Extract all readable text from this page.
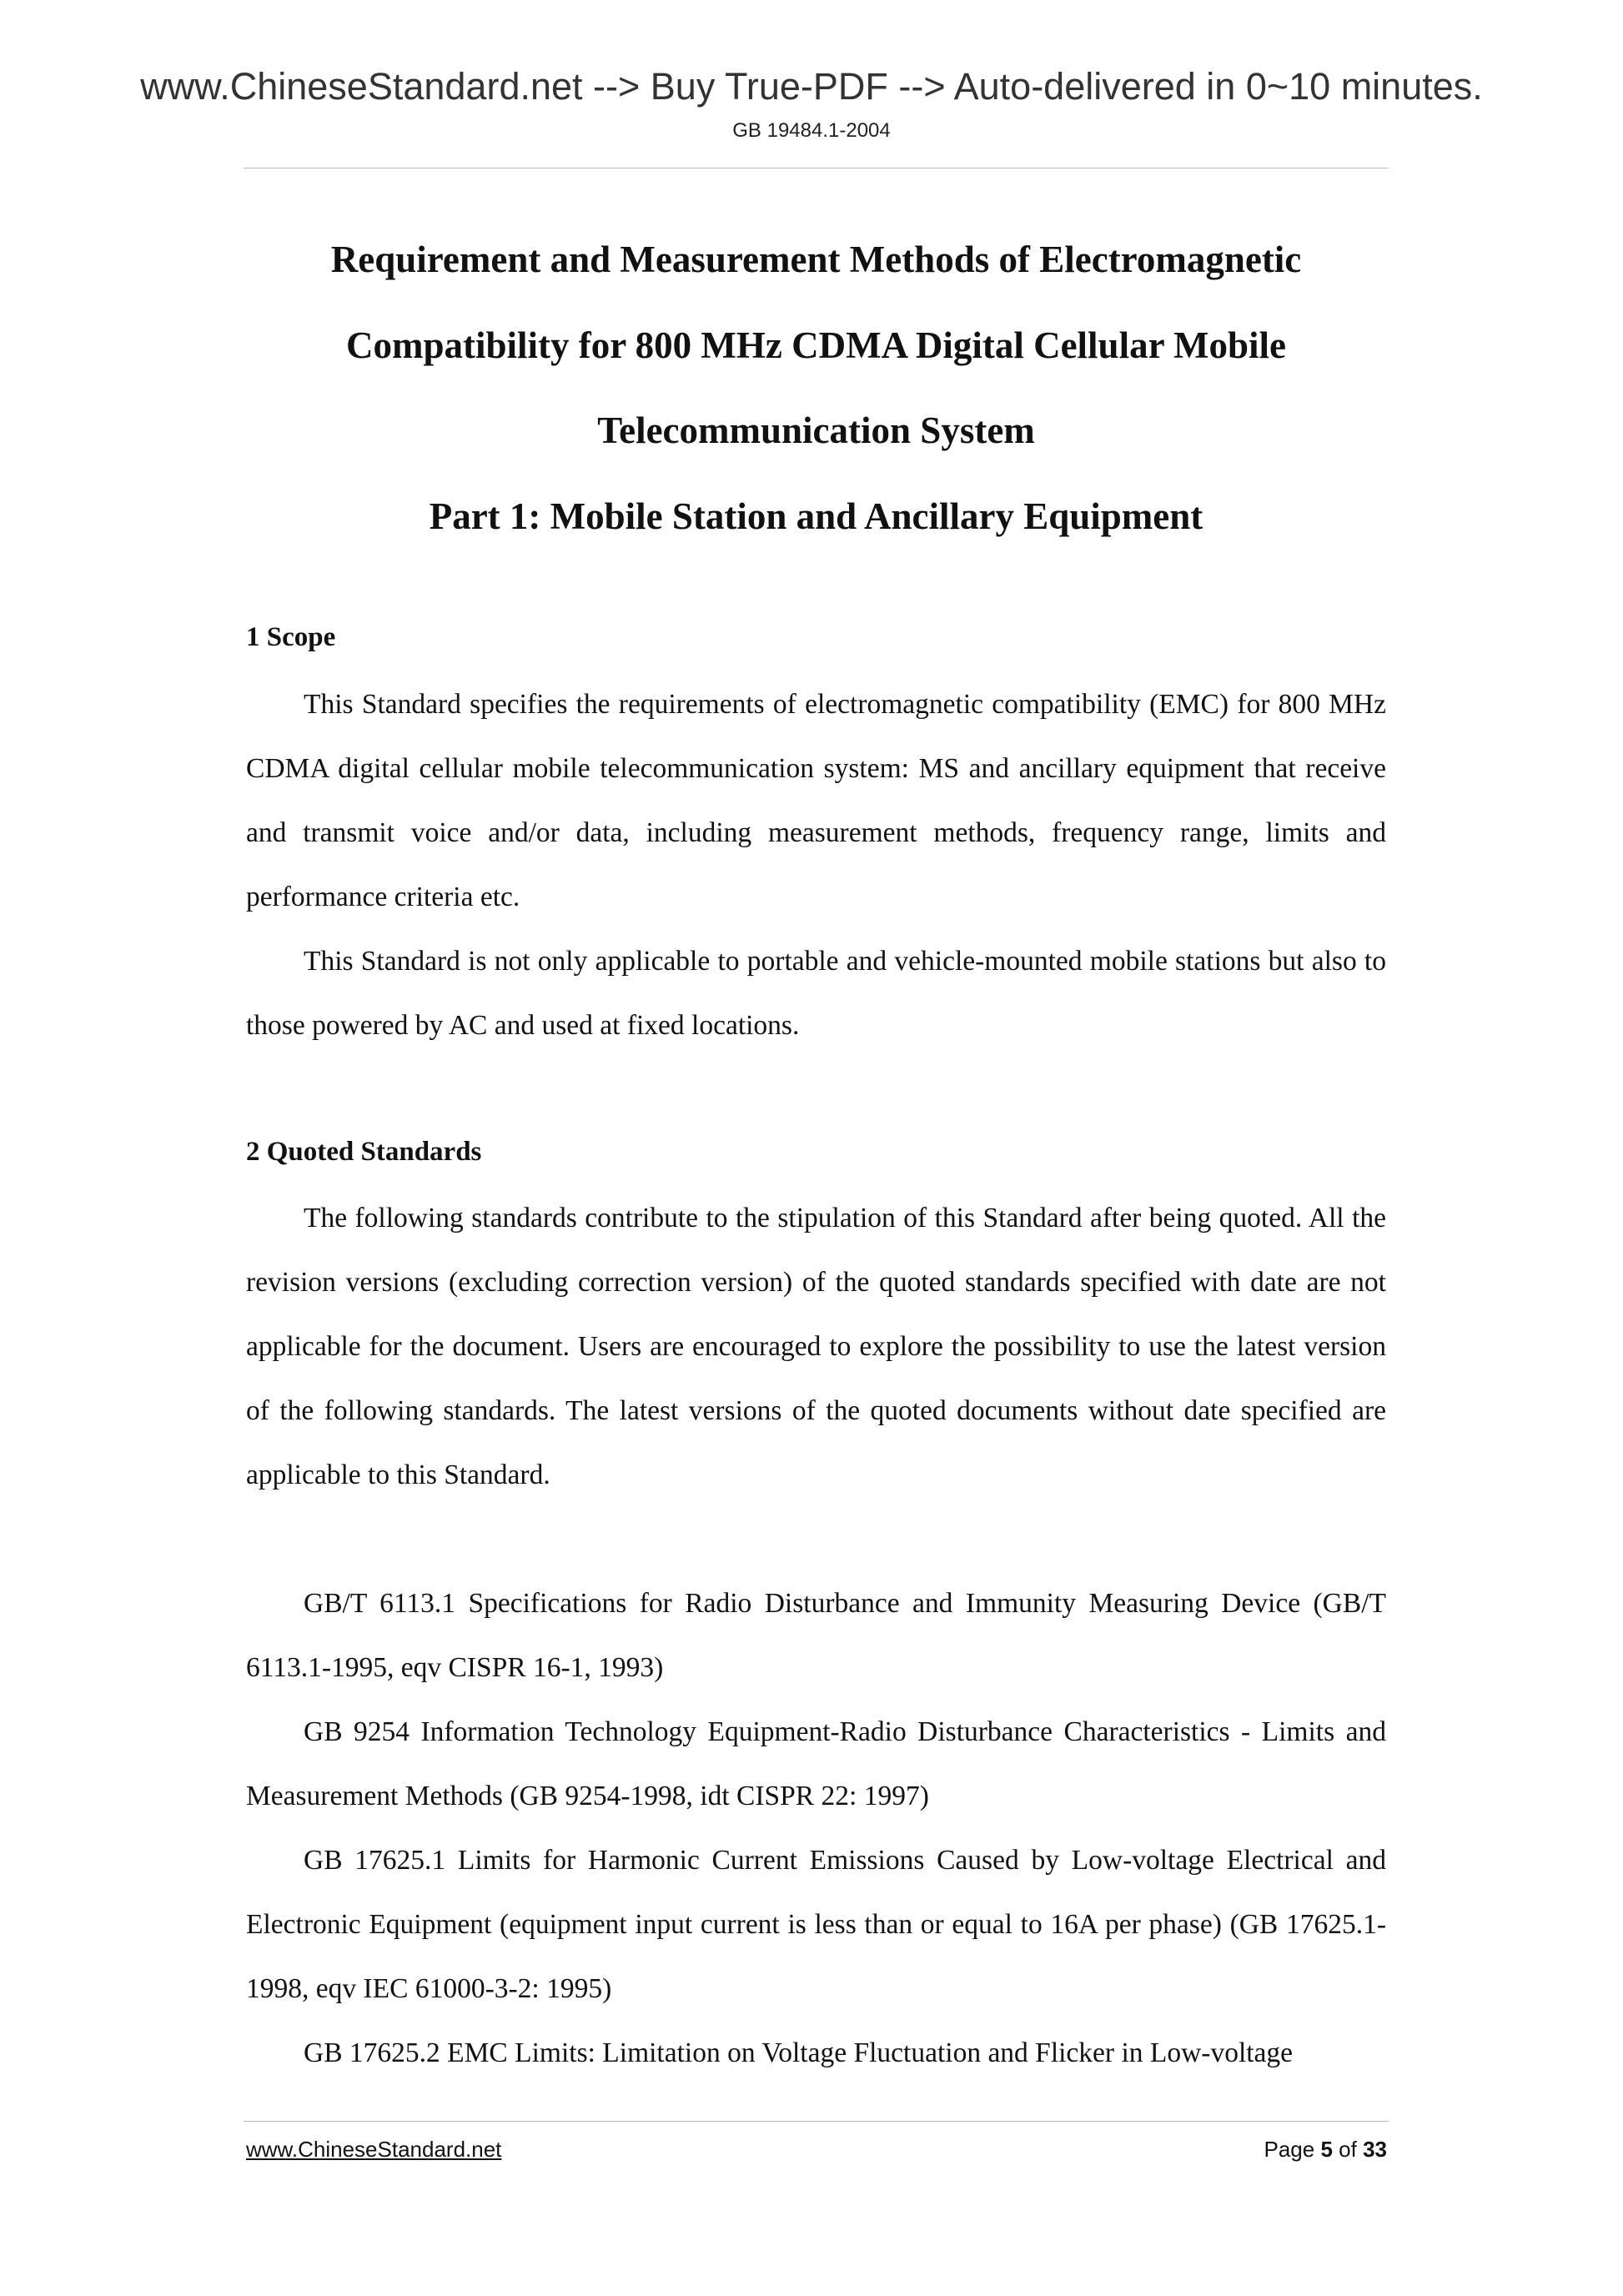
www.ChineseStandard.net --> Buy True-PDF --> Auto-delivered in 0~10 minutes.
GB 19484.1-2004
Requirement and Measurement Methods of Electromagnetic
Compatibility for 800 MHz CDMA Digital Cellular Mobile
Telecommunication System
Part 1: Mobile Station and Ancillary Equipment
1 Scope

This Standard specifies the requirements of electromagnetic compatibility (EMC) for 800 MHz CDMA digital cellular mobile telecommunication system: MS and ancillary equipment that receive and transmit voice and/or data, including measurement methods, frequency range, limits and performance criteria etc.

This Standard is not only applicable to portable and vehicle-mounted mobile stations but also to those powered by AC and used at fixed locations.

2 Quoted Standards

The following standards contribute to the stipulation of this Standard after being quoted. All the revision versions (excluding correction version) of the quoted standards specified with date are not applicable for the document. Users are encouraged to explore the possibility to use the latest version of the following standards. The latest versions of the quoted documents without date specified are applicable to this Standard.

GB/T 6113.1 Specifications for Radio Disturbance and Immunity Measuring Device (GB/T 6113.1-1995, eqv CISPR 16-1, 1993)

GB 9254 Information Technology Equipment-Radio Disturbance Characteristics - Limits and Measurement Methods (GB 9254-1998, idt CISPR 22: 1997)

GB 17625.1 Limits for Harmonic Current Emissions Caused by Low-voltage Electrical and Electronic Equipment (equipment input current is less than or equal to 16A per phase) (GB 17625.1-1998, eqv IEC 61000-3-2: 1995)

GB 17625.2 EMC Limits: Limitation on Voltage Fluctuation and Flicker in Low-voltage

www.ChineseStandard.net	Page 5 of 33
